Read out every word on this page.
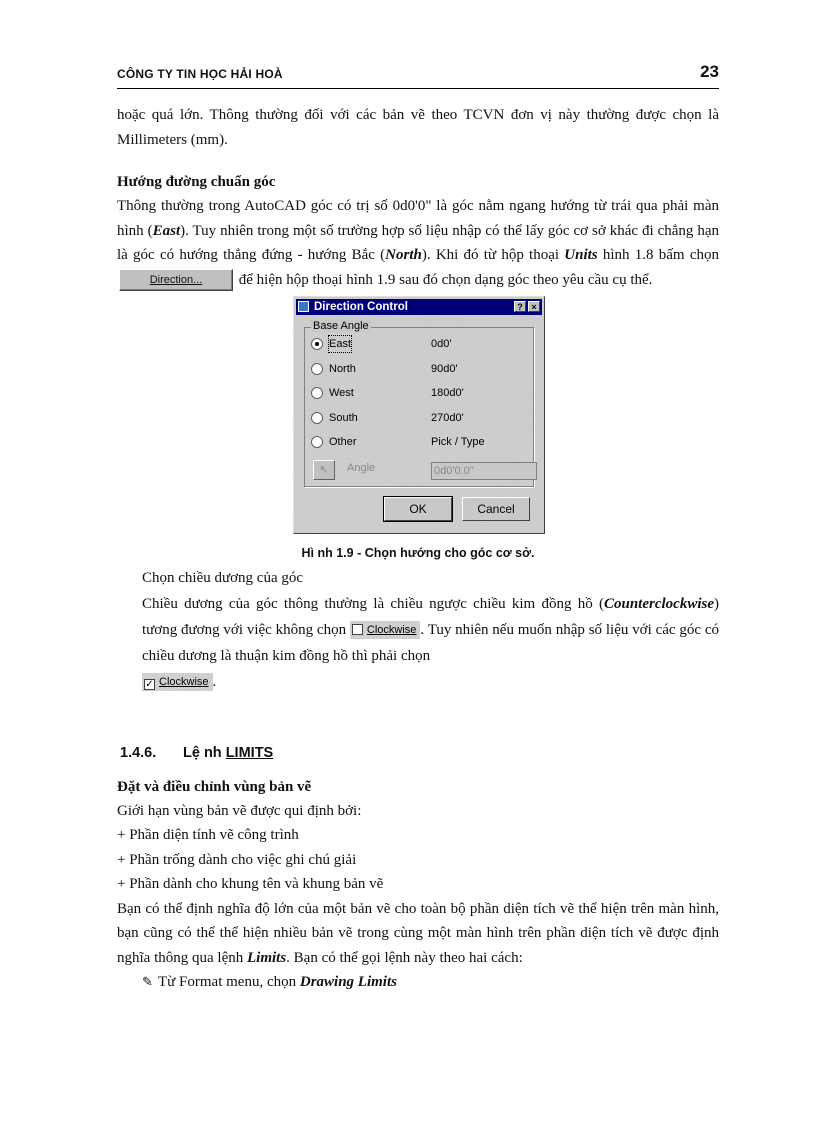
CÔNG TY TIN HỌC HẢI HOÀ	23

hoặc quá lớn. Thông thường đối với các bản vẽ theo TCVN đơn vị này thường được chọn là Millimeters (mm).

Hướng đường chuẩn góc

Thông thường trong AutoCAD góc có trị số 0d0'0" là góc nằm ngang hướng từ trái qua phải màn hình (East). Tuy nhiên trong một số trường hợp số liệu nhập có thể lấy góc cơ sở khác đi chẳng hạn là góc có hướng thẳng đứng - hướng Bắc (North). Khi đó từ hộp thoại Units hình 1.8 bấm chọn Direction... để hiện hộp thoại hình 1.9 sau đó chọn dạng góc theo yêu cầu cụ thể.

Direction Control	? ×
Base Angle
East	0d0'
North	90d0'
West	180d0'
South	270d0'
Other	Pick / Type
↖	Angle	0d0'0.0"
OK	Cancel
Hì nh 1.9 - Chọn hướng cho góc cơ sở.

Chọn chiều dương của góc

Chiều dương của góc thông thường là chiều ngược chiều kim đồng hồ (Counterclockwise) tương đương với việc không chọn Clockwise . Tuy nhiên nếu muốn nhập số liệu với các góc có chiều dương là thuận kim đồng hồ thì phải chọn
✓ Clockwise .

1.4.6. Lệ nh LIMITS
Đặt và điều chỉnh vùng bản vẽ

Giới hạn vùng bản vẽ được qui định bởi:

+ Phần diện tính vẽ công trình

+ Phần trống dành cho việc ghi chú giải

+ Phần dành cho khung tên và khung bản vẽ

Bạn có thể định nghĩa độ lớn của một bản vẽ cho toàn bộ phần diện tích vẽ thể hiện trên màn hình, bạn cũng có thể thể hiện nhiều bản vẽ trong cùng một màn hình trên phần diện tích vẽ được định nghĩa thông qua lệnh Limits. Bạn có thể gọi lệnh này theo hai cách:

✎ Từ Format menu, chọn Drawing Limits
